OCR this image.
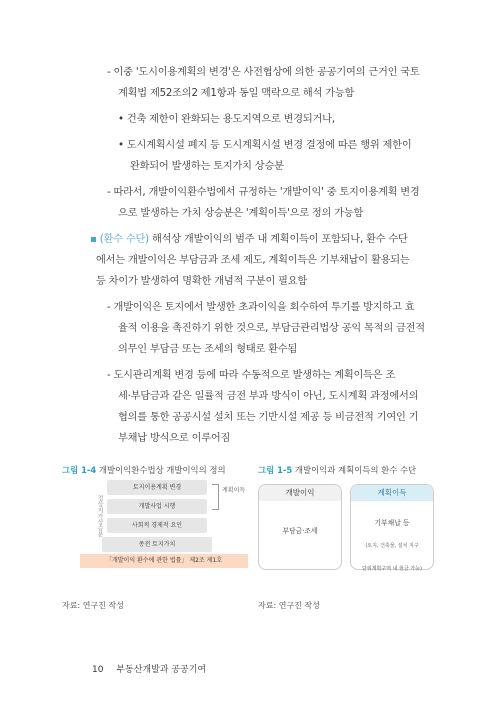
- 이중 '도시이용계획의 변경'은 사전협상에 의한 공공기여의 근거인 국토
계획법 제52조의2 제1항과 동일 맥락으로 해석 가능함
• 건축 제한이 완화되는 용도지역으로 변경되거나,
• 도시계획시설 폐지 등 도시계획시설 변경 결정에 따른 행위 제한이
완화되어 발생하는 토지가치 상승분
- 따라서, 개발이익환수법에서 규정하는 '개발이익' 중 토지이용계획 변경
으로 발생하는 가치 상승분은 '계획이득'으로 정의 가능함
에서는 개발이익은 부담금과 조세 제도, 계획이득은 기부채납이 활용되는
등 차이가 발생하여 명확한 개념적 구분이 필요함
- 개발이익은 토지에서 발생한 초과이익을 회수하여 투기를 방지하고 효
율적 이용을 촉진하기 위한 것으로, 부담금관리법상 공익 목적의 금전적
의무인 부담금 또는 조세의 형태로 환수됨
- 도시관리계획 변경 등에 따라 수동적으로 발생하는 계획이득은 조
세·부담금과 같은 일률적 금전 부과 방식이 아닌, 도시계획 과정에서의
협의를 통한 공공시설 설치 또는 기반시설 제공 등 비금전적 기여인 기
부채납 방식으로 이루어짐
▪ (환수 수단) 해석상 개발이익의 범주 내 계획이득이 포함되나, 환수 수단
그림 1-4 개발이익환수법상 개발이익의 정의	그림 1-5 개발이익과 계획이득의 환수 수단
정상지가상승분
토지이용계획 변경
개발사업 시행
사회적 경제적 요인
종전 토지가치
계획이득
「개발이익 환수에 관한 법률」 제2조 제1호
개발이익
부담금·조세
계획이득
기부채납 등
(토지, 건축물, 설치 지구
단위계획구역 내 현금 가능)
자료: 연구진 작성	자료: 연구진 작성
10 부동산개발과 공공기여
